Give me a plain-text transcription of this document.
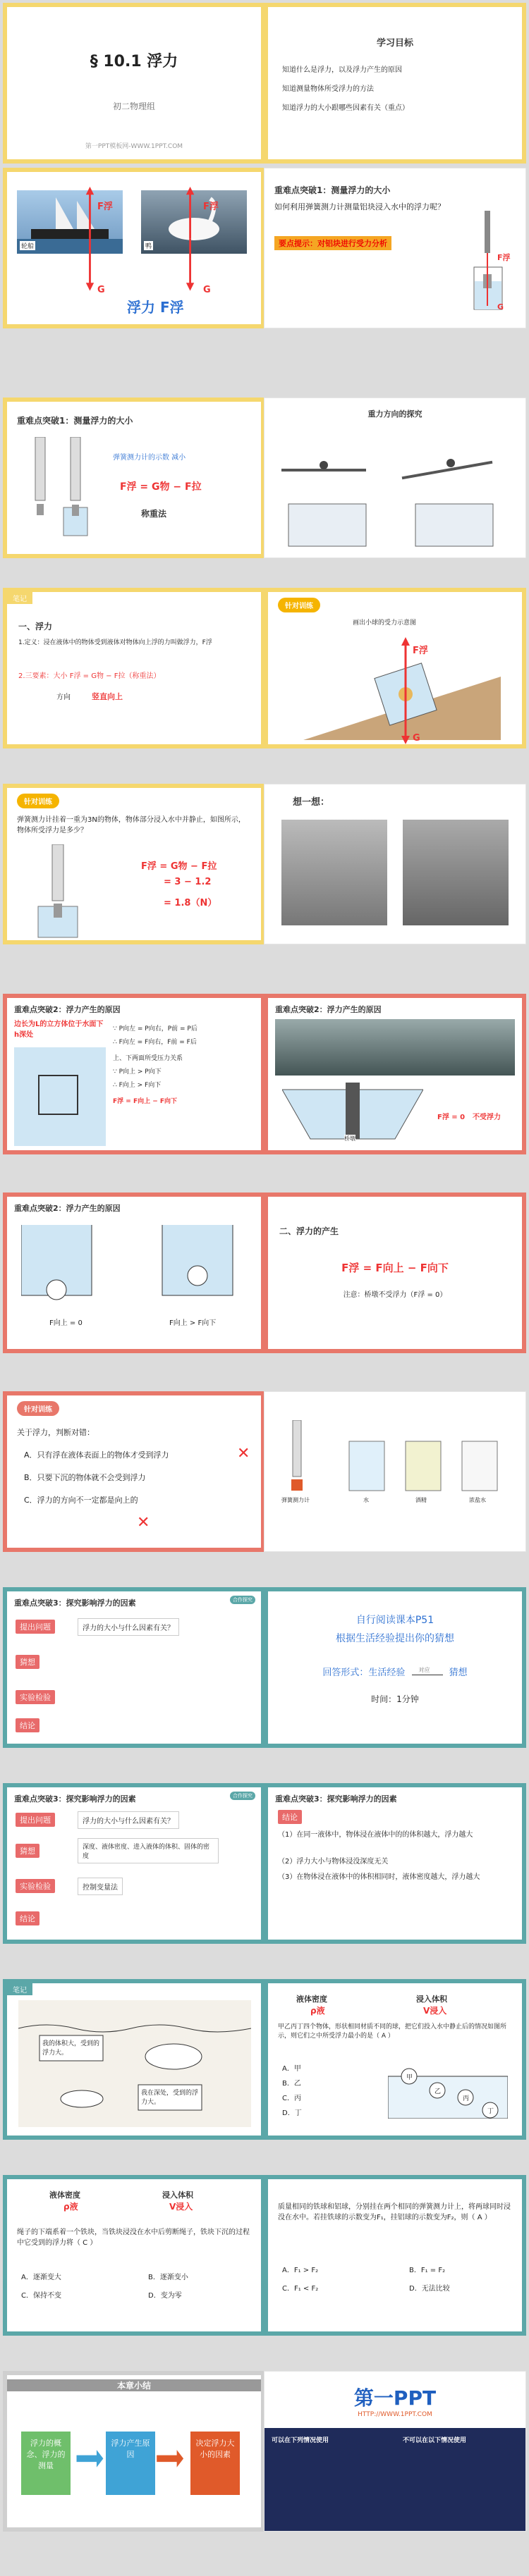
§ 10.1 浮力
初二物理组
第一PPT模板网-WWW.1PPT.COM
学习目标
知道什么是浮力，以及浮力产生的原因
知道测量物体所受浮力的方法
知道浮力的大小跟哪些因素有关（重点）
轮船	鸭
F浮
G
F浮
G
浮力 F浮
重难点突破1：测量浮力的大小
如何利用弹簧测力计测量铝块浸入水中的浮力呢？
要点提示：对铝块进行受力分析
F浮
G
重难点突破1：测量浮力的大小
弹簧测力计的示数 减小
F浮 = G物 − F拉
称重法
重力方向的探究
笔记
一、浮力
1.定义：浸在液体中的物体受到液体对物体向上浮的力叫做浮力，F浮
2.三要素：大小 F浮 = G物 − F拉（称重法）
方向	竖直向上
针对训练
画出小球的受力示意图
F浮
G
针对训练
弹簧测力计挂着一重为3N的物体，物体部分浸入水中并静止，如图所示，物体所受浮力是多少？
F浮 = G物 − F拉
= 3 − 1.2
= 1.8（N）
想一想：
重难点突破2：浮力产生的原因
边长为L的立方体位于水面下h深处
∵ P向左 = P向右，P前 = P后
∴ F向左 = F向右，F前 = F后
上、下两面所受压力关系
∵ P向上 > P向下
∴ F向上 > F向下
F浮 = F向上 − F向下
重难点突破2：浮力产生的原因
桥墩
F浮 = 0 不受浮力
重难点突破2：浮力产生的原因
F向上 = 0	F向上 > F向下
二、浮力的产生
F浮 = F向上 − F向下
注意：桥墩不受浮力（F浮 = 0）
针对训练
关于浮力，判断对错：
A．只有浮在液体表面上的物体才受到浮力
B．只要下沉的物体就不会受到浮力
C．浮力的方向不一定都是向上的
✕
✕
弹簧测力计	水	酒精	浓盐水
重难点突破3：探究影响浮力的因素	合作探究
提出问题	浮力的大小与什么因素有关？
猜想
实验检验
结论
自行阅读课本P51
根据生活经验提出你的猜想
回答形式：生活经验 对应 猜想
时间：1分钟
重难点突破3：探究影响浮力的因素	合作探究
提出问题	浮力的大小与什么因素有关？
猜想	深度、液体密度、进入液体的体积、固体的密度
实验检验	控制变量法
结论
重难点突破3：探究影响浮力的因素
结论
（1）在同一液体中，物体浸在液体中的的体积越大，浮力越大
（2）浮力大小与物体浸没深度无关
（3）在物体浸在液体中的体积相同时，液体密度越大，浮力越大
笔记
我的体积大，受到的浮力大。
我在深处，受到的浮力大。
液体密度	浸入体积
ρ液	V浸入
甲乙丙丁四个物体，形状相同材质不同的球，把它们投入水中静止后的情况如图所示，则它们之中所受浮力最小的是（ A ）
A．甲
B．乙
C．丙
D．丁
甲
乙
丙
丁
液体密度	浸入体积
ρ液	V浸入
绳子的下端系着一个铁块，当铁块浸没在水中后剪断绳子，铁块下沉的过程中它受到的浮力将（ C ）
A．逐渐变大	B．逐渐变小
C．保持不变	D．变为零
质量相同的铁球和铝球，分别挂在两个相同的弹簧测力计上，将两球同时浸没在水中。若挂铁球的示数变为F₁，挂铝球的示数变为F₂，则（ A ）
A．F₁ > F₂	B．F₁ = F₂
C．F₁ < F₂	D．无法比较
本章小结
浮力的概念、浮力的测量
浮力产生原因
决定浮力大小的因素
第一PPT
HTTP://WWW.1PPT.COM
可以在下列情况使用	不可以在以下情况使用
